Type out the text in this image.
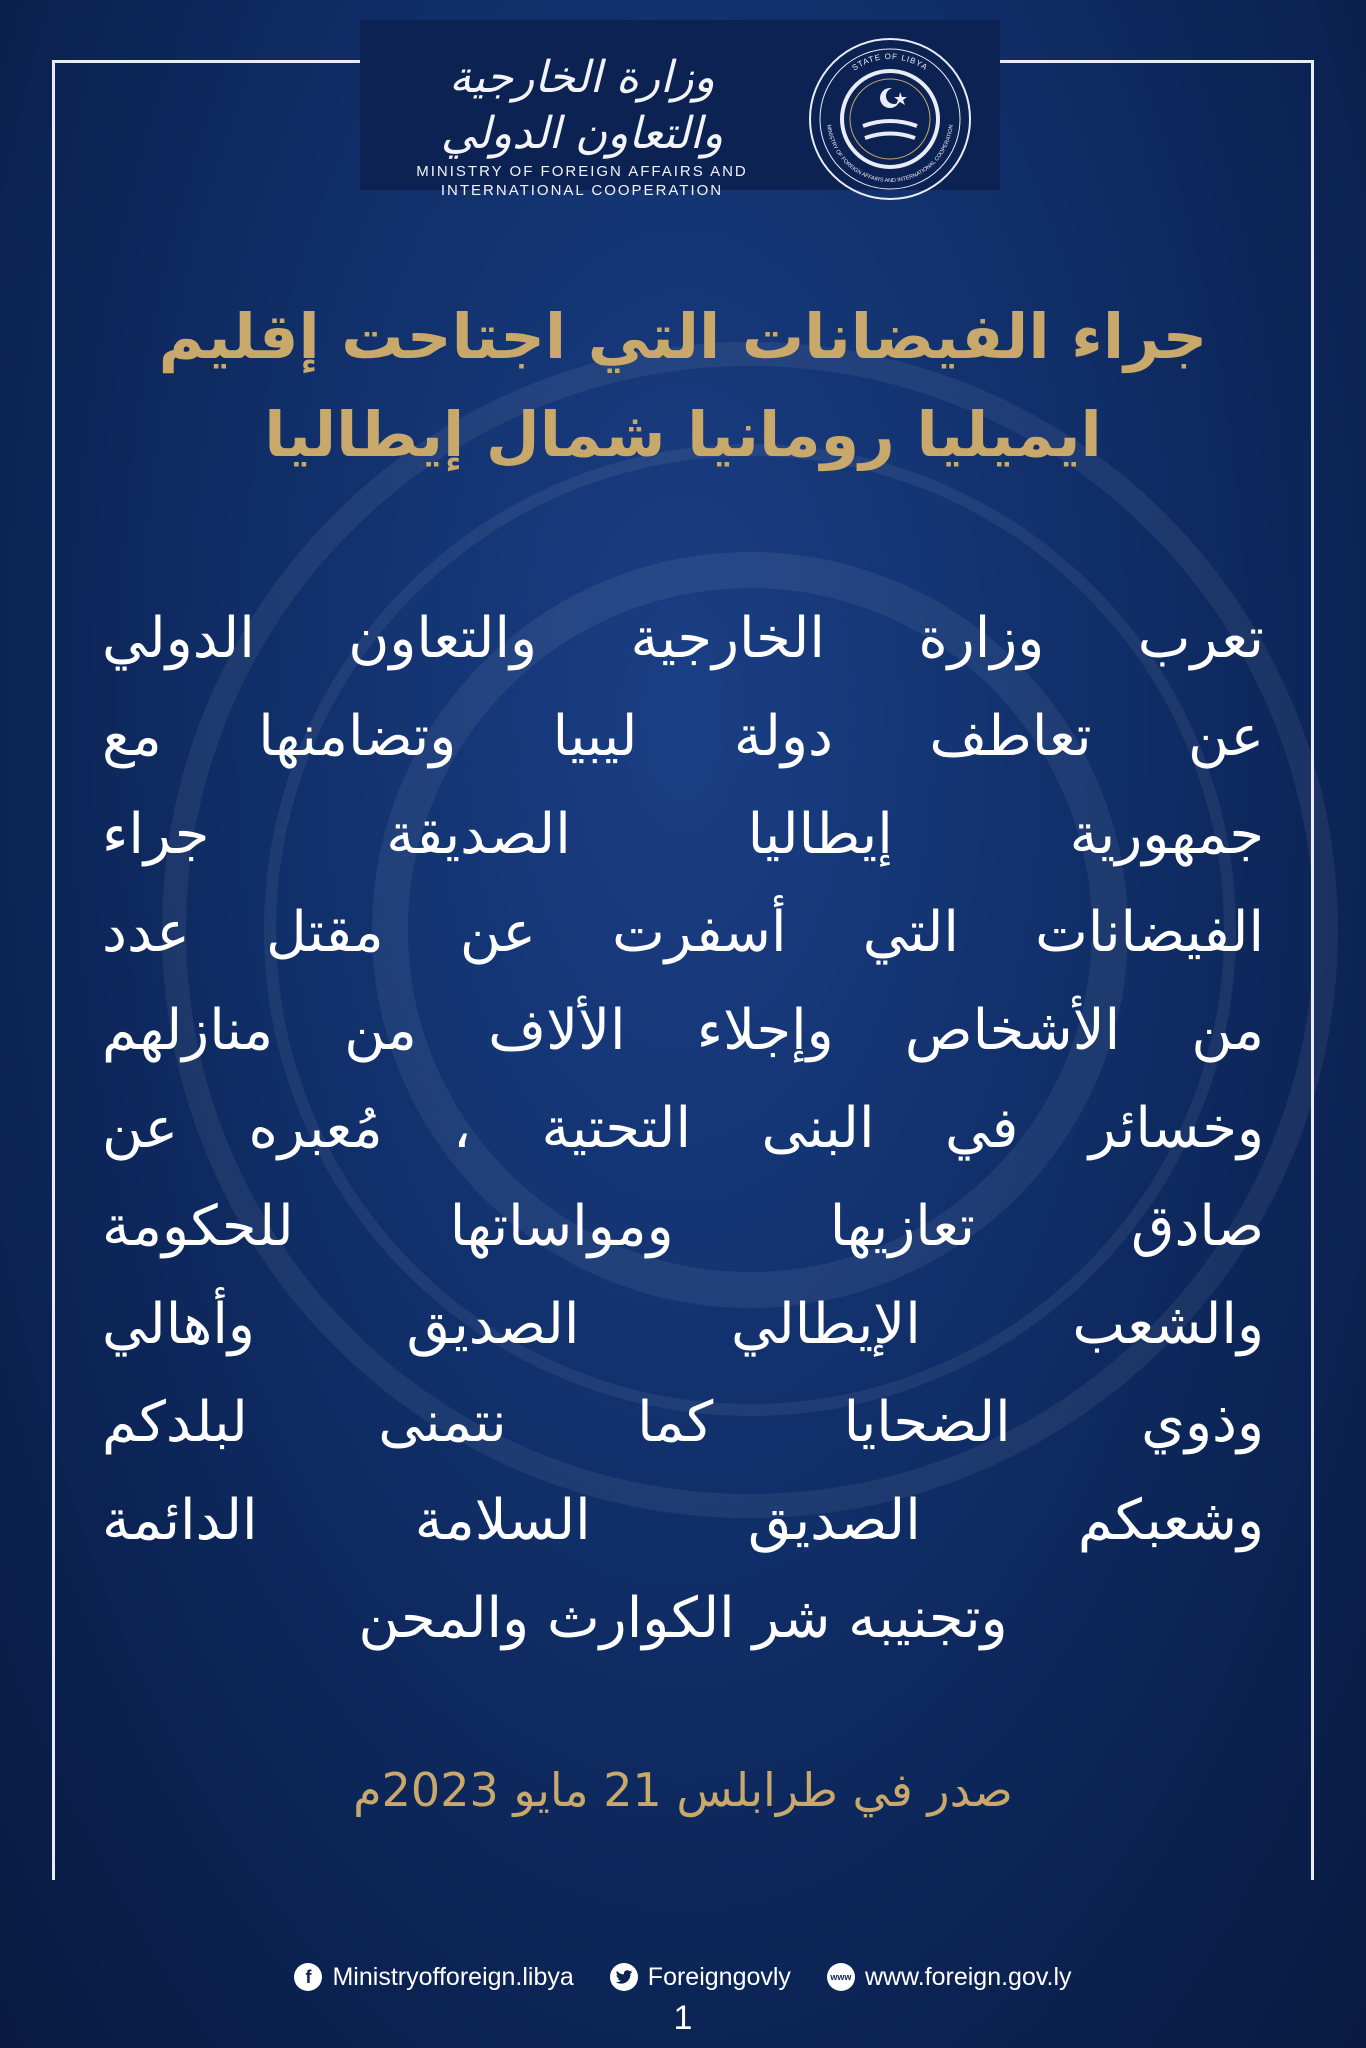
وزارة الخارجية والتعاون الدولي
MINISTRY OF FOREIGN AFFAIRS AND
INTERNATIONAL COOPERATION
STATE OF LIBYA
MINISTRY OF FOREIGN AFFAIRS AND INTERNATIONAL COOPERATION
جراء الفيضانات التي اجتاحت إقليم
ايميليا رومانيا شمال إيطاليا
تعرب وزارة الخارجية والتعاون الدولي
عن تعاطف دولة ليبيا وتضامنها مع
جمهورية إيطاليا الصديقة جراء
الفيضانات التي أسفرت عن مقتل عدد
من الأشخاص وإجلاء الألاف من منازلهم
وخسائر في البنى التحتية ، مُعبره عن
صادق تعازيها ومواساتها للحكومة
والشعب الإيطالي الصديق وأهالي
وذوي الضحايا كما نتمنى لبلدكم
وشعبكم الصديق السلامة الدائمة
وتجنيبه شر الكوارث والمحن
صدر في طرابلس 21 مايو 2023م
f Ministryofforeign.libya	Foreigngovly	www www.foreign.gov.ly
1
